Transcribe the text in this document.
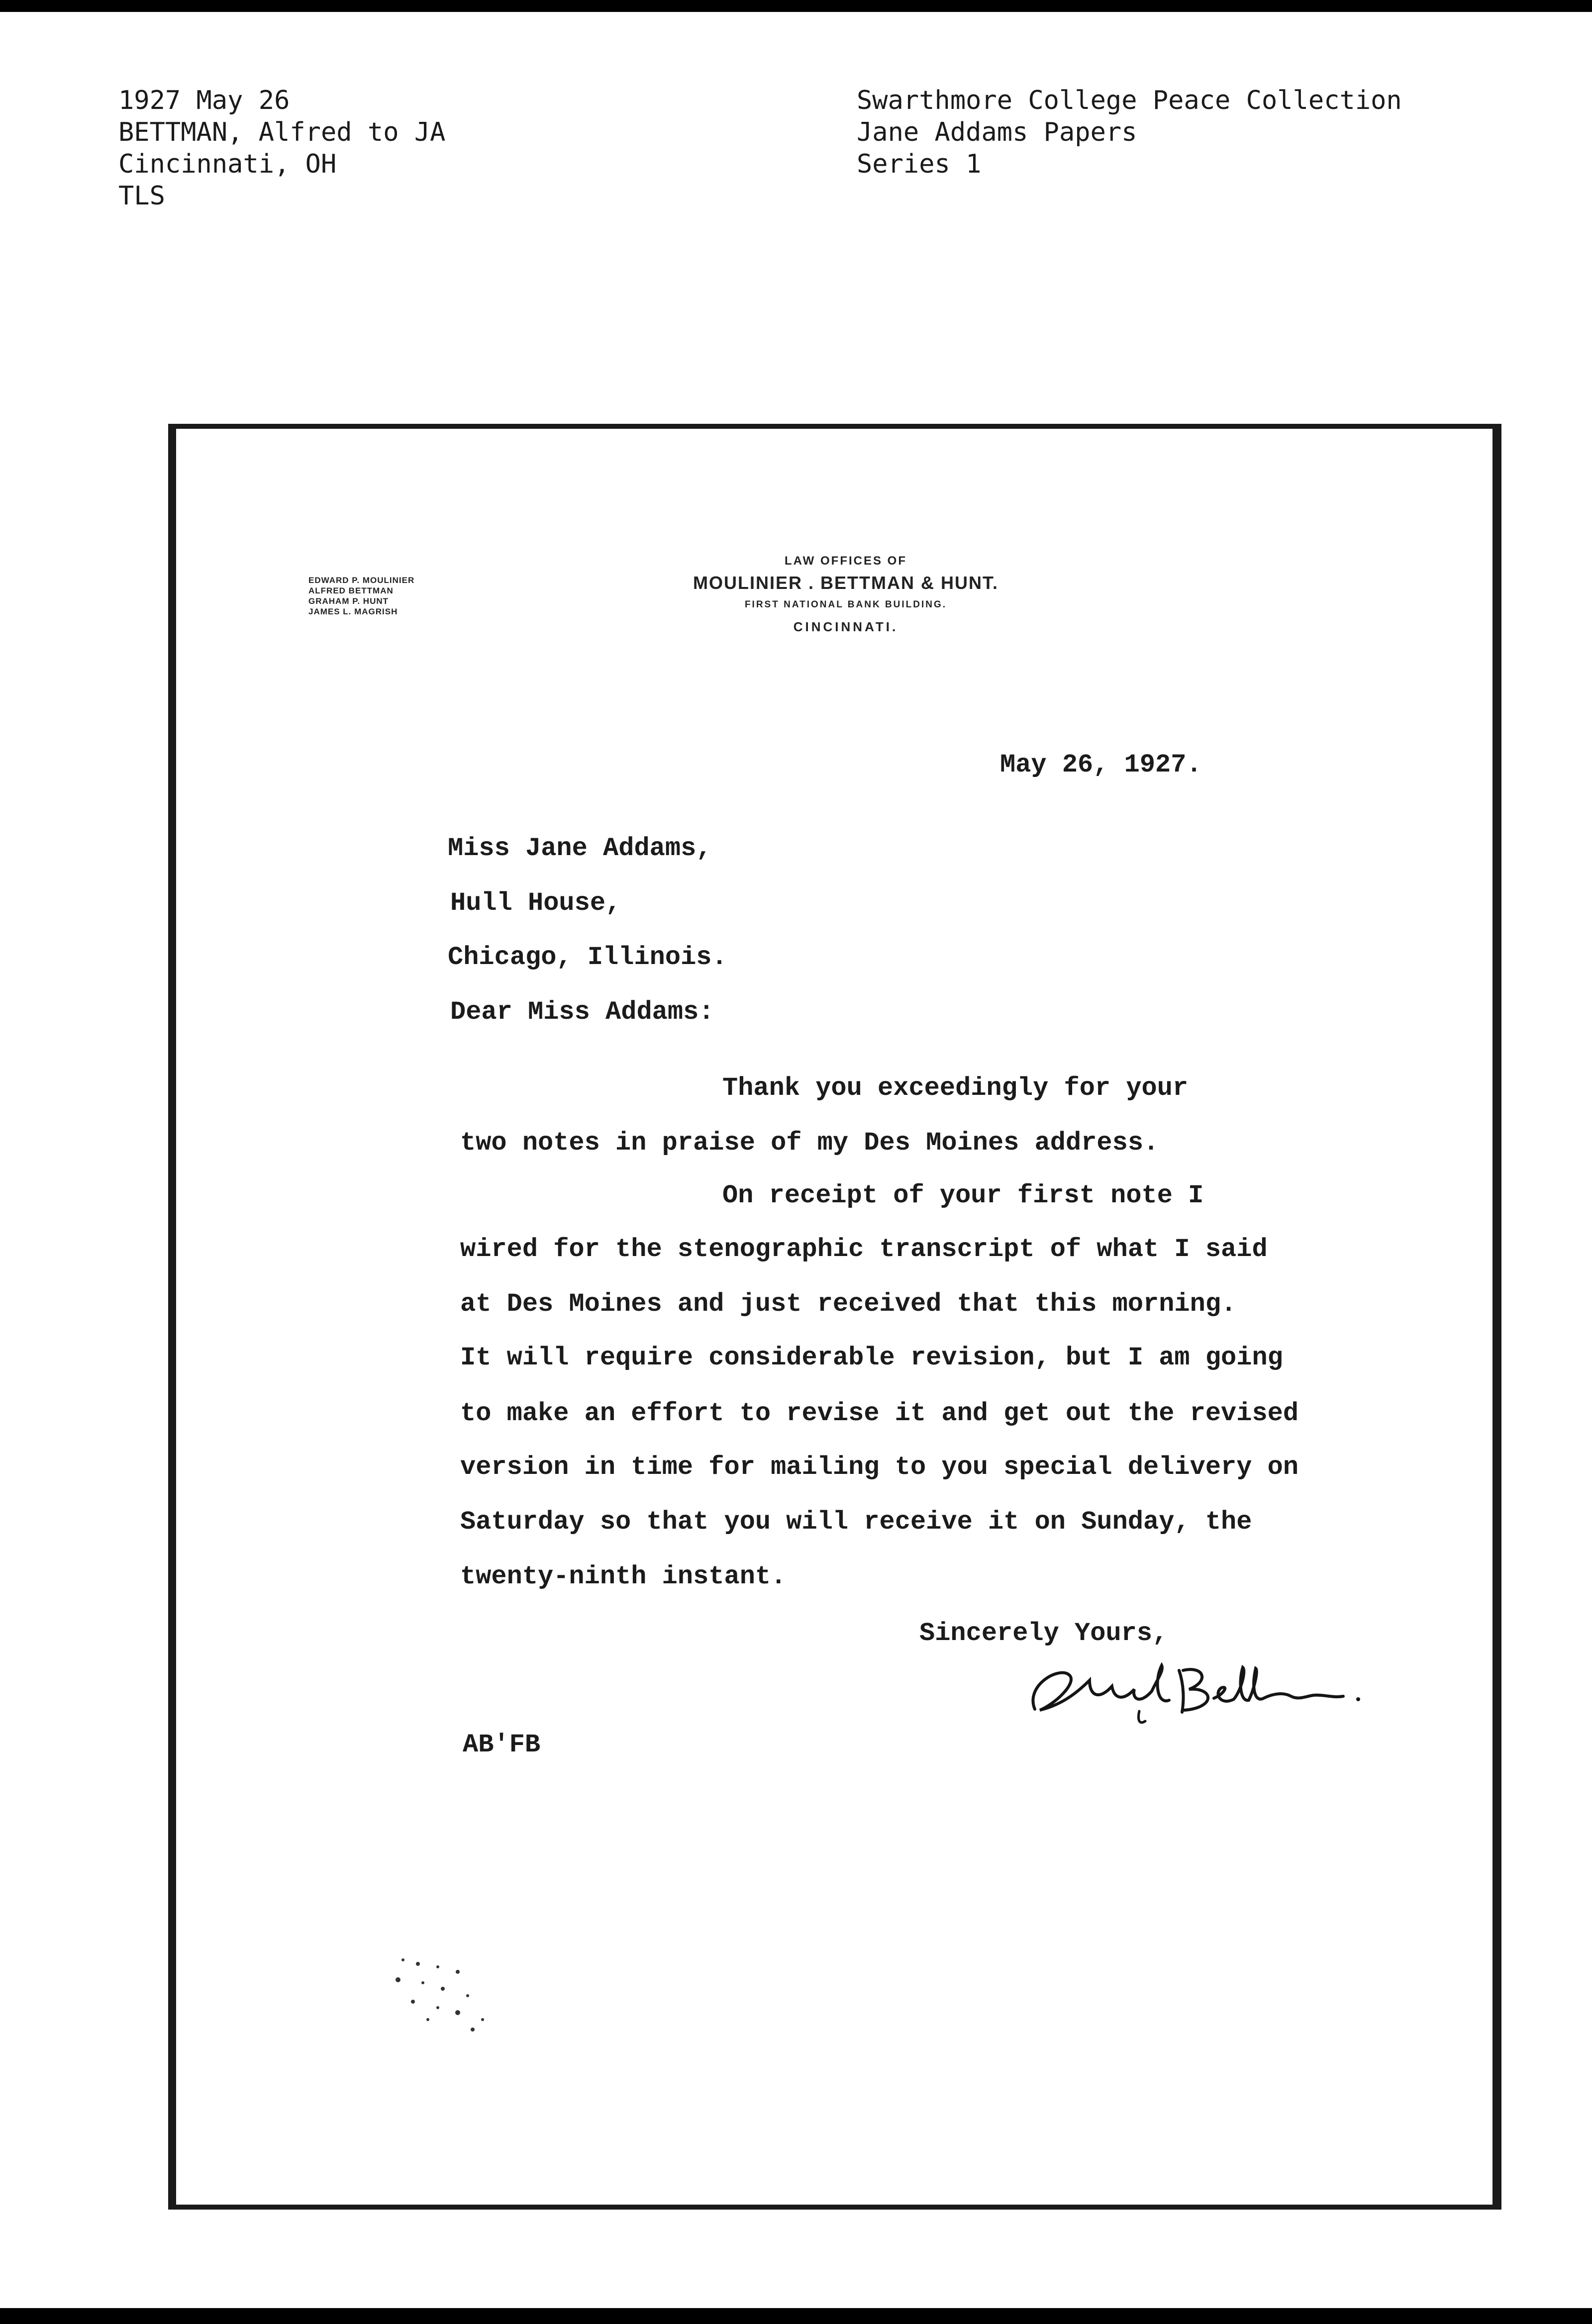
1927 May 26
BETTMAN, Alfred to JA
Cincinnati, OH
TLS
Swarthmore College Peace Collection
Jane Addams Papers
Series 1
EDWARD P. MOULINIER
ALFRED BETTMAN
GRAHAM P. HUNT
JAMES L. MAGRISH
LAW OFFICES OF
MOULINIER . BETTMAN & HUNT.
FIRST NATIONAL BANK BUILDING.
CINCINNATI.
May 26, 1927.
Miss Jane Addams,
Hull House,
Chicago, Illinois.
Dear Miss Addams:
Thank you exceedingly for your
two notes in praise of my Des Moines address.
On receipt of your first note I
wired for the stenographic transcript of what I said
at Des Moines and just received that this morning.
It will require considerable revision, but I am going
to make an effort to revise it and get out the revised
version in time for mailing to you special delivery on
Saturday so that you will receive it on Sunday, the
twenty-ninth instant.
Sincerely Yours,
AB'FB
